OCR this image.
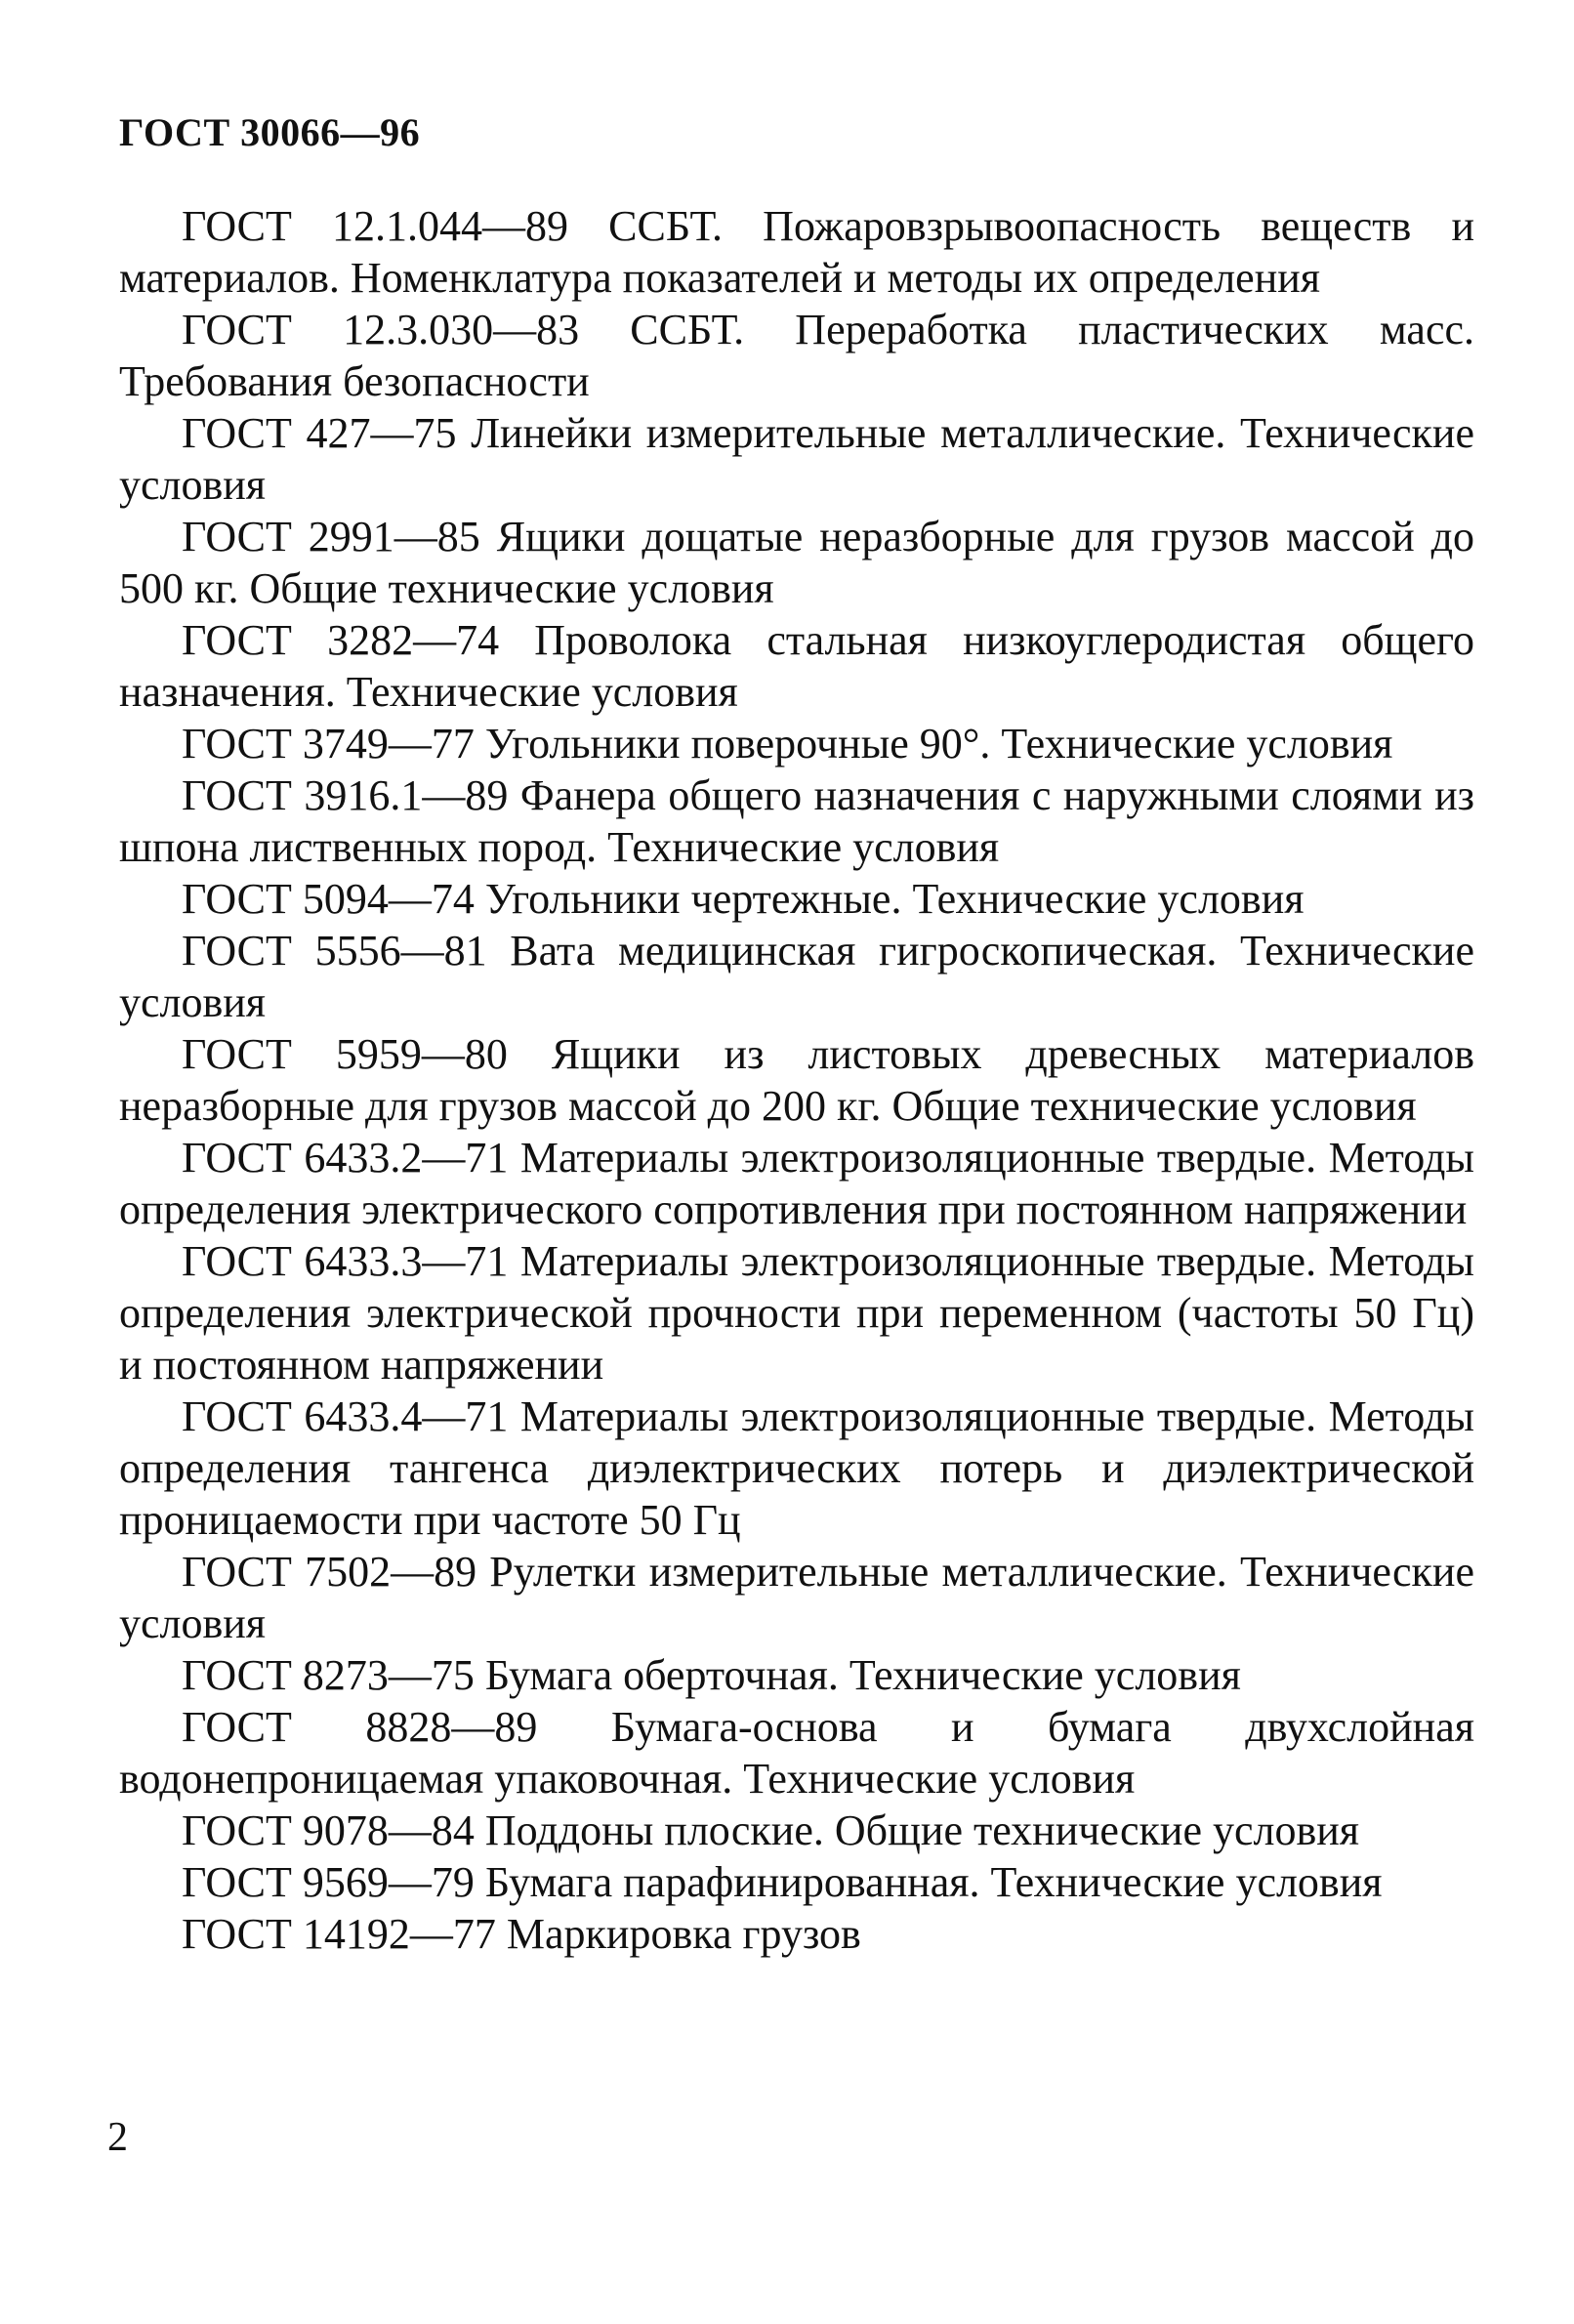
ГОСТ 30066—96

ГОСТ 12.1.044—89 ССБТ. Пожаровзрывоопасность веществ и материалов. Номенклатура показателей и методы их определения

ГОСТ 12.3.030—83 ССБТ. Переработка пластических масс. Требования безопасности

ГОСТ 427—75 Линейки измерительные металлические. Технические условия

ГОСТ 2991—85 Ящики дощатые неразборные для грузов массой до 500 кг. Общие технические условия

ГОСТ 3282—74 Проволока стальная низкоуглеродистая общего назначения. Технические условия

ГОСТ 3749—77 Угольники поверочные 90°. Технические условия

ГОСТ 3916.1—89 Фанера общего назначения с наружными слоями из шпона лиственных пород. Технические условия

ГОСТ 5094—74 Угольники чертежные. Технические условия

ГОСТ 5556—81 Вата медицинская гигроскопическая. Технические условия

ГОСТ 5959—80 Ящики из листовых древесных материалов неразборные для грузов массой до 200 кг. Общие технические условия

ГОСТ 6433.2—71 Материалы электроизоляционные твердые. Методы определения электрического сопротивления при постоянном напряжении

ГОСТ 6433.3—71 Материалы электроизоляционные твердые. Методы определения электрической прочности при переменном (частоты 50 Гц) и постоянном напряжении

ГОСТ 6433.4—71 Материалы электроизоляционные твердые. Методы определения тангенса диэлектрических потерь и диэлектрической проницаемости при частоте 50 Гц

ГОСТ 7502—89 Рулетки измерительные металлические. Технические условия

ГОСТ 8273—75 Бумага оберточная. Технические условия

ГОСТ 8828—89 Бумага-основа и бумага двухслойная водонепроницаемая упаковочная. Технические условия

ГОСТ 9078—84 Поддоны плоские. Общие технические условия

ГОСТ 9569—79 Бумага парафинированная. Технические условия

ГОСТ 14192—77 Маркировка грузов

2
